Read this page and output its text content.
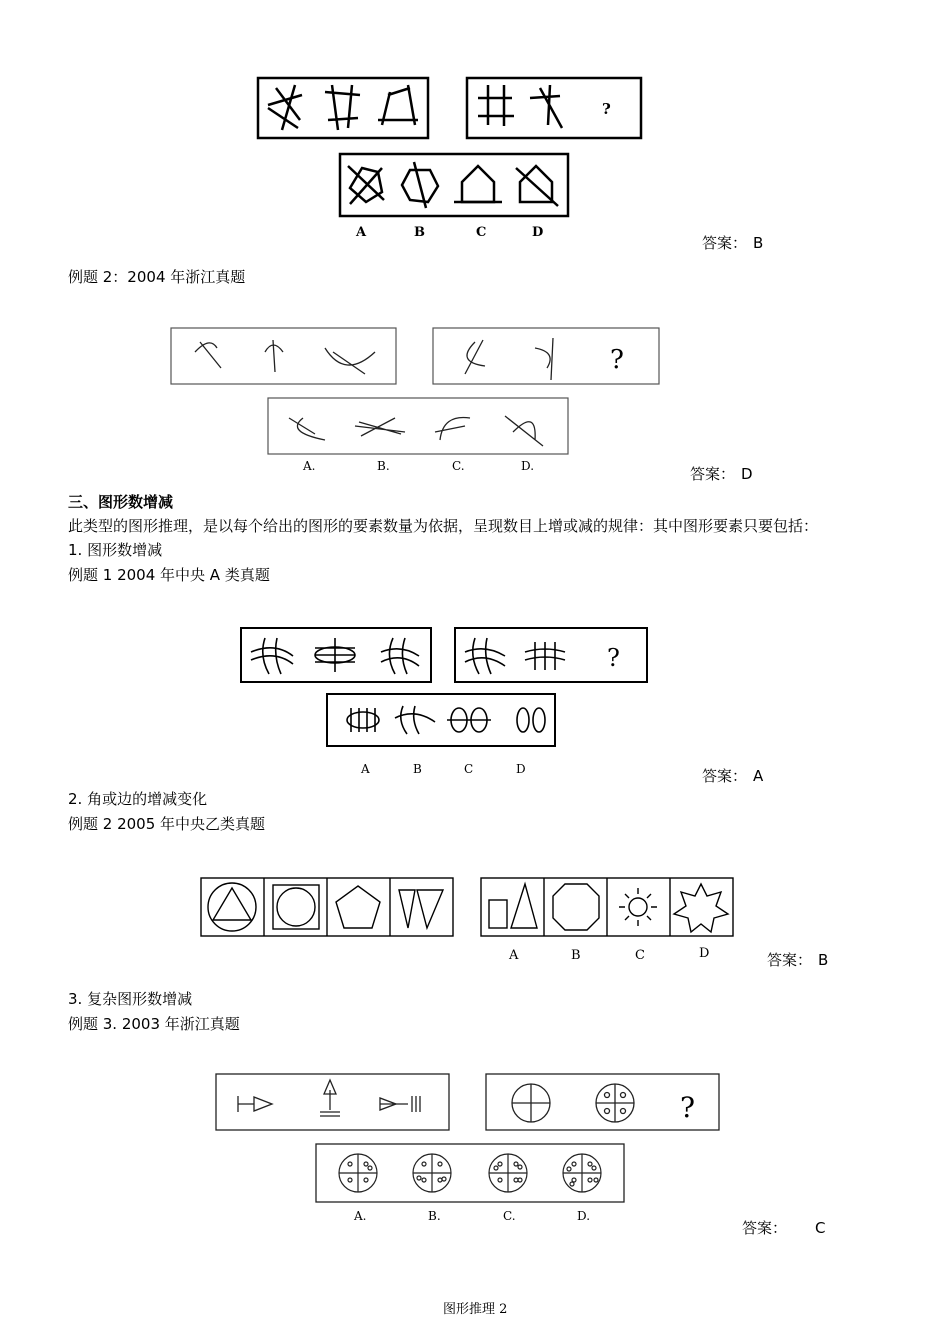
?
A	B	C	D
答案： B
例题 2：2004 年浙江真题
?
A.	B.	C.	D.	答案： D
三、图形数增减
此类型的图形推理，是以每个给出的图形的要素数量为依据，呈现数目上增或减的规律：其中图形要素只要包括：
1. 图形数增减
例题 1 2004 年中央 A 类真题
?
A	B	C	D	答案： A
2. 角或边的增减变化
例题 2 2005 年中央乙类真题
A	B	C	D	答案： B
3. 复杂图形数增减
例题 3. 2003 年浙江真题
?
A.	B.	C.	D.
答案： C
图形推理 2
